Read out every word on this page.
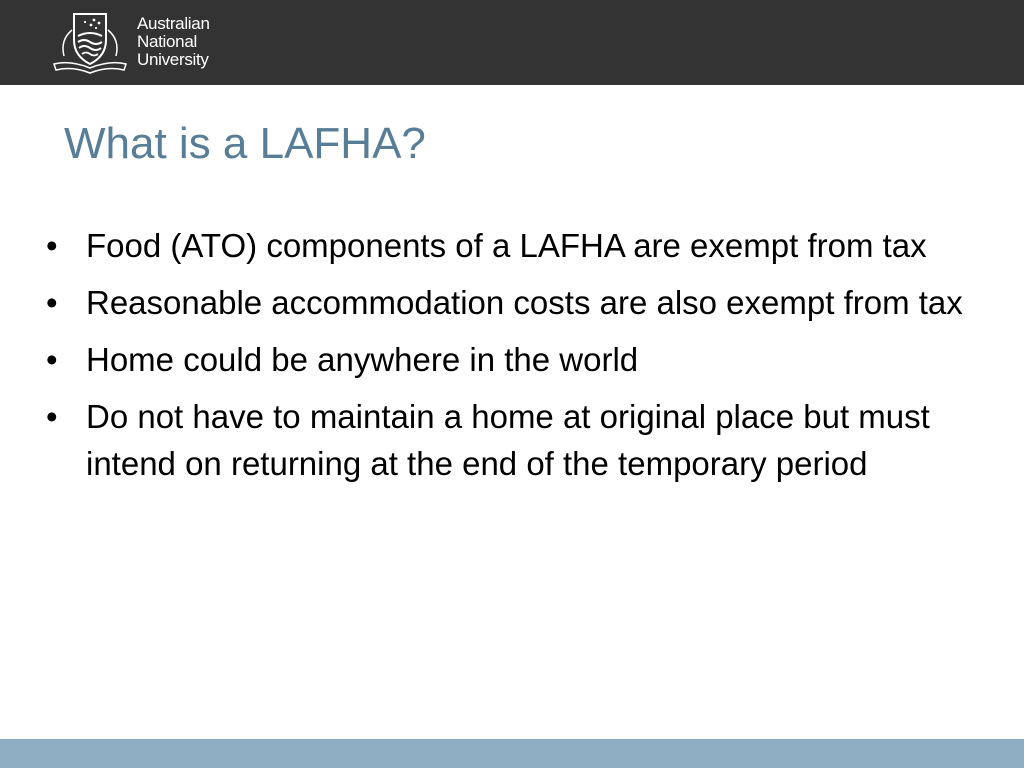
Australian
National
University
What is a LAFHA?
• Food (ATO) components of a LAFHA are exempt from tax
• Reasonable accommodation costs are also exempt from tax
• Home could be anywhere in the world
• Do not have to maintain a home at original place but must intend on returning at the end of the temporary period
